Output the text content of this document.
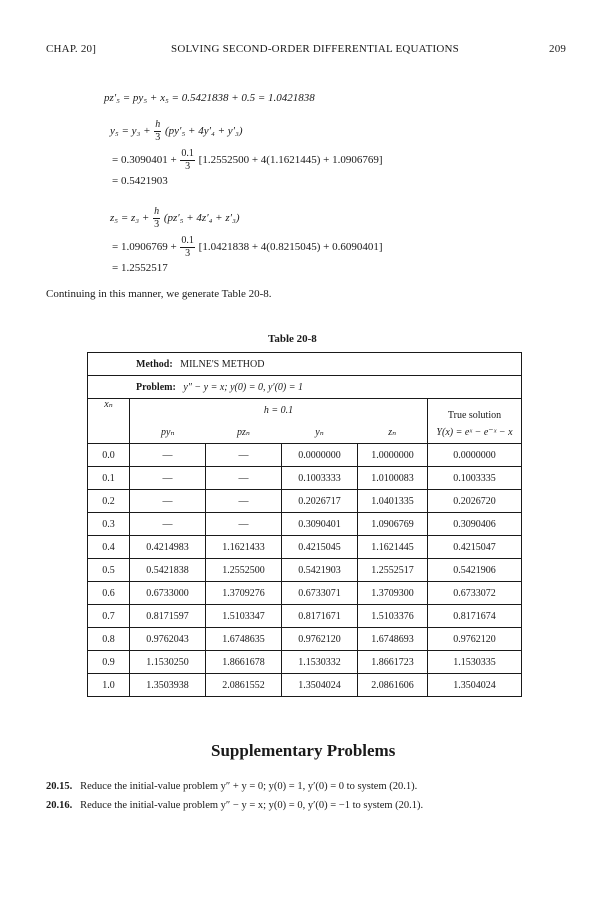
CHAP. 20]	SOLVING SECOND-ORDER DIFFERENTIAL EQUATIONS	209
pz′₅ = py₅ + x₅ = 0.5421838 + 0.5 = 1.0421838
$y_5 = y_3 + \frac{h}{3} (py'_5 + 4y'_4 + y'_3)$
= $0.3090401 + \frac{0.1}{3} [1.2552500 + 4(1.1621445) + 1.0906769]$
= 0.5421903
$z_5 = z_3 + \frac{h}{3} (pz'_5 + 4z'_4 + z'_3)$
= $1.0906769 + \frac{0.1}{3} [1.0421838 + 4(0.8215045) + 0.6090401]$
= 1.2552517
Continuing in this manner, we generate Table 20-8.
Table 20-8
Method: MILNE'S METHOD					
Problem: y″ − y = x; y(0) = 0, y′(0) = 1					
xₙ	h = 0.1				True solution
	pyₙ	pzₙ	yₙ	zₙ	Y(x) = eˣ − e⁻ˣ − x
0.0	—	—	0.0000000	1.0000000	0.0000000
0.1	—	—	0.1003333	1.0100083	0.1003335
0.2	—	—	0.2026717	1.0401335	0.2026720
0.3	—	—	0.3090401	1.0906769	0.3090406
0.4	0.4214983	1.1621433	0.4215045	1.1621445	0.4215047
0.5	0.5421838	1.2552500	0.5421903	1.2552517	0.5421906
0.6	0.6733000	1.3709276	0.6733071	1.3709300	0.6733072
0.7	0.8171597	1.5103347	0.8171671	1.5103376	0.8171674
0.8	0.9762043	1.6748635	0.9762120	1.6748693	0.9762120
0.9	1.1530250	1.8661678	1.1530332	1.8661723	1.1530335
1.0	1.3503938	2.0861552	1.3504024	2.0861606	1.3504024
Supplementary Problems
20.15. Reduce the initial-value problem y″ + y = 0; y(0) = 1, y′(0) = 0 to system (20.1).
20.16. Reduce the initial-value problem y″ − y = x; y(0) = 0, y′(0) = −1 to system (20.1).
